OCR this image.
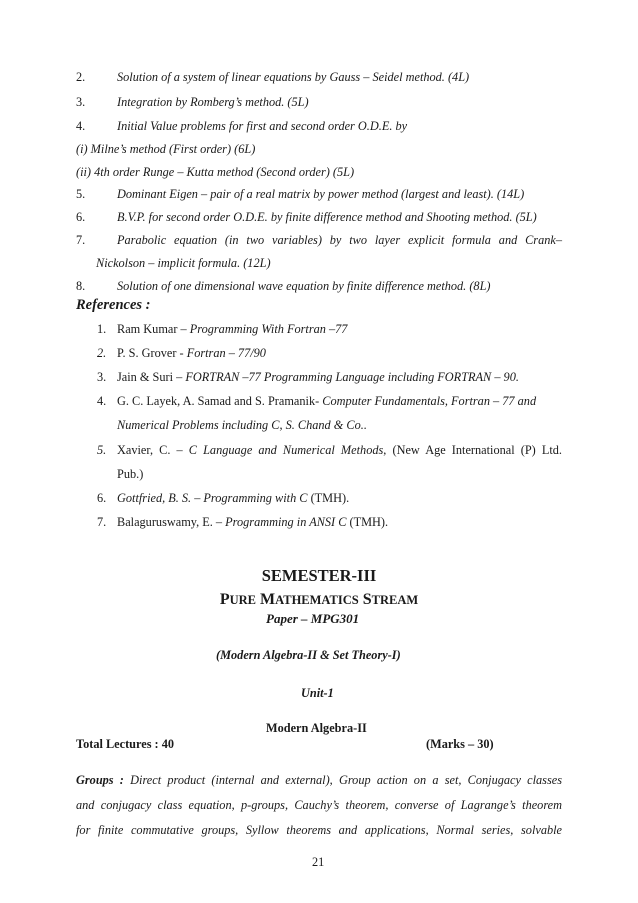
2.	Solution of a system of linear equations by Gauss – Seidel method. (4L)
3.	Integration by Romberg’s method. (5L)
4.	Initial Value problems for first and second order O.D.E. by
(i) Milne’s method (First order) (6L)
(ii) 4th order Runge – Kutta method (Second order) (5L)
5.	Dominant Eigen – pair of a real matrix by power method (largest and least). (14L)
6.	B.V.P. for second order O.D.E. by finite difference method and Shooting method. (5L)
7.	Parabolic equation (in two variables) by two layer explicit formula and Crank–
Nickolson – implicit formula. (12L)
8.	Solution of one dimensional wave equation by finite difference method. (8L)
References :
1. Ram Kumar – Programming With Fortran –77
2. P. S. Grover - Fortran – 77/90
3. Jain & Suri – FORTRAN –77 Programming Language including FORTRAN – 90.
4. G. C. Layek, A. Samad and S. Pramanik- Computer Fundamentals, Fortran – 77 and
Numerical Problems including C, S. Chand & Co..
5. Xavier, C. – C Language and Numerical Methods, (New Age International (P) Ltd.
Pub.)
6. Gottfried, B. S. – Programming with C (TMH).
7. Balaguruswamy, E. – Programming in ANSI C (TMH).
SEMESTER-III
PURE MATHEMATICS STREAM
Paper – MPG301
(Modern Algebra-II & Set Theory-I)
Unit-1
Modern Algebra-II
Total Lectures : 40	(Marks – 30)
Groups : Direct product (internal and external), Group action on a set, Conjugacy classes
and conjugacy class equation, p-groups, Cauchy’s theorem, converse of Lagrange’s theorem
for finite commutative groups, Syllow theorems and applications, Normal series, solvable
21
